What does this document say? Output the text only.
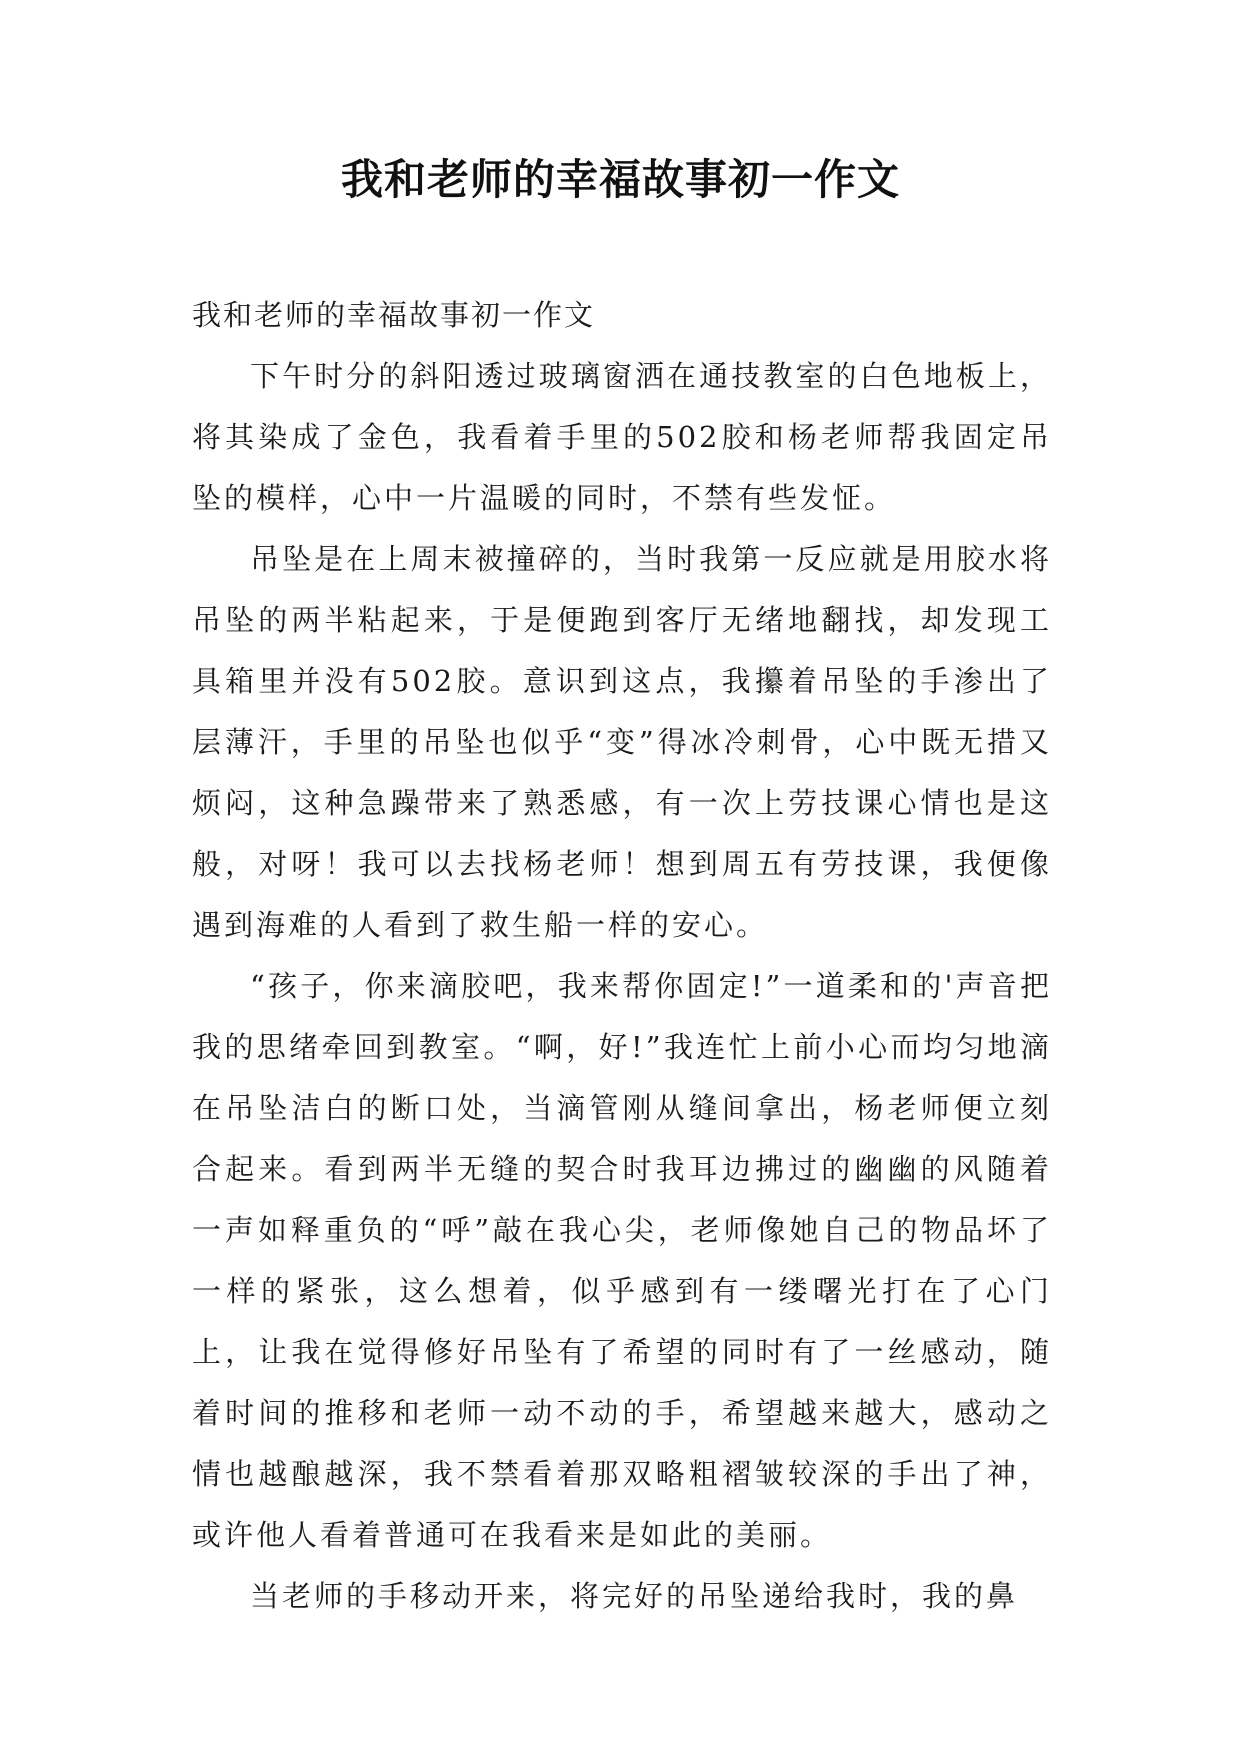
我和老师的幸福故事初一作文

我和老师的幸福故事初一作文

下午时分的斜阳透过玻璃窗洒在通技教室的白色地板上，将其染成了金色，我看着手里的502胶和杨老师帮我固定吊坠的模样，心中一片温暖的同时，不禁有些发怔。

吊坠是在上周末被撞碎的，当时我第一反应就是用胶水将吊坠的两半粘起来，于是便跑到客厅无绪地翻找，却发现工具箱里并没有502胶。意识到这点，我攥着吊坠的手渗出了层薄汗，手里的吊坠也似乎“变”得冰冷刺骨，心中既无措又烦闷，这种急躁带来了熟悉感，有一次上劳技课心情也是这般，对呀！我可以去找杨老师！想到周五有劳技课，我便像遇到海难的人看到了救生船一样的安心。

“孩子，你来滴胶吧，我来帮你固定!”一道柔和的'声音把我的思绪牵回到教室。“啊，好!”我连忙上前小心而均匀地滴在吊坠洁白的断口处，当滴管刚从缝间拿出，杨老师便立刻合起来。看到两半无缝的契合时我耳边拂过的幽幽的风随着一声如释重负的“呼”敲在我心尖，老师像她自己的物品坏了一样的紧张，这么想着，似乎感到有一缕曙光打在了心门上，让我在觉得修好吊坠有了希望的同时有了一丝感动，随着时间的推移和老师一动不动的手，希望越来越大，感动之情也越酿越深，我不禁看着那双略粗褶皱较深的手出了神，或许他人看着普通可在我看来是如此的美丽。

当老师的手移动开来，将完好的吊坠递给我时，我的鼻
